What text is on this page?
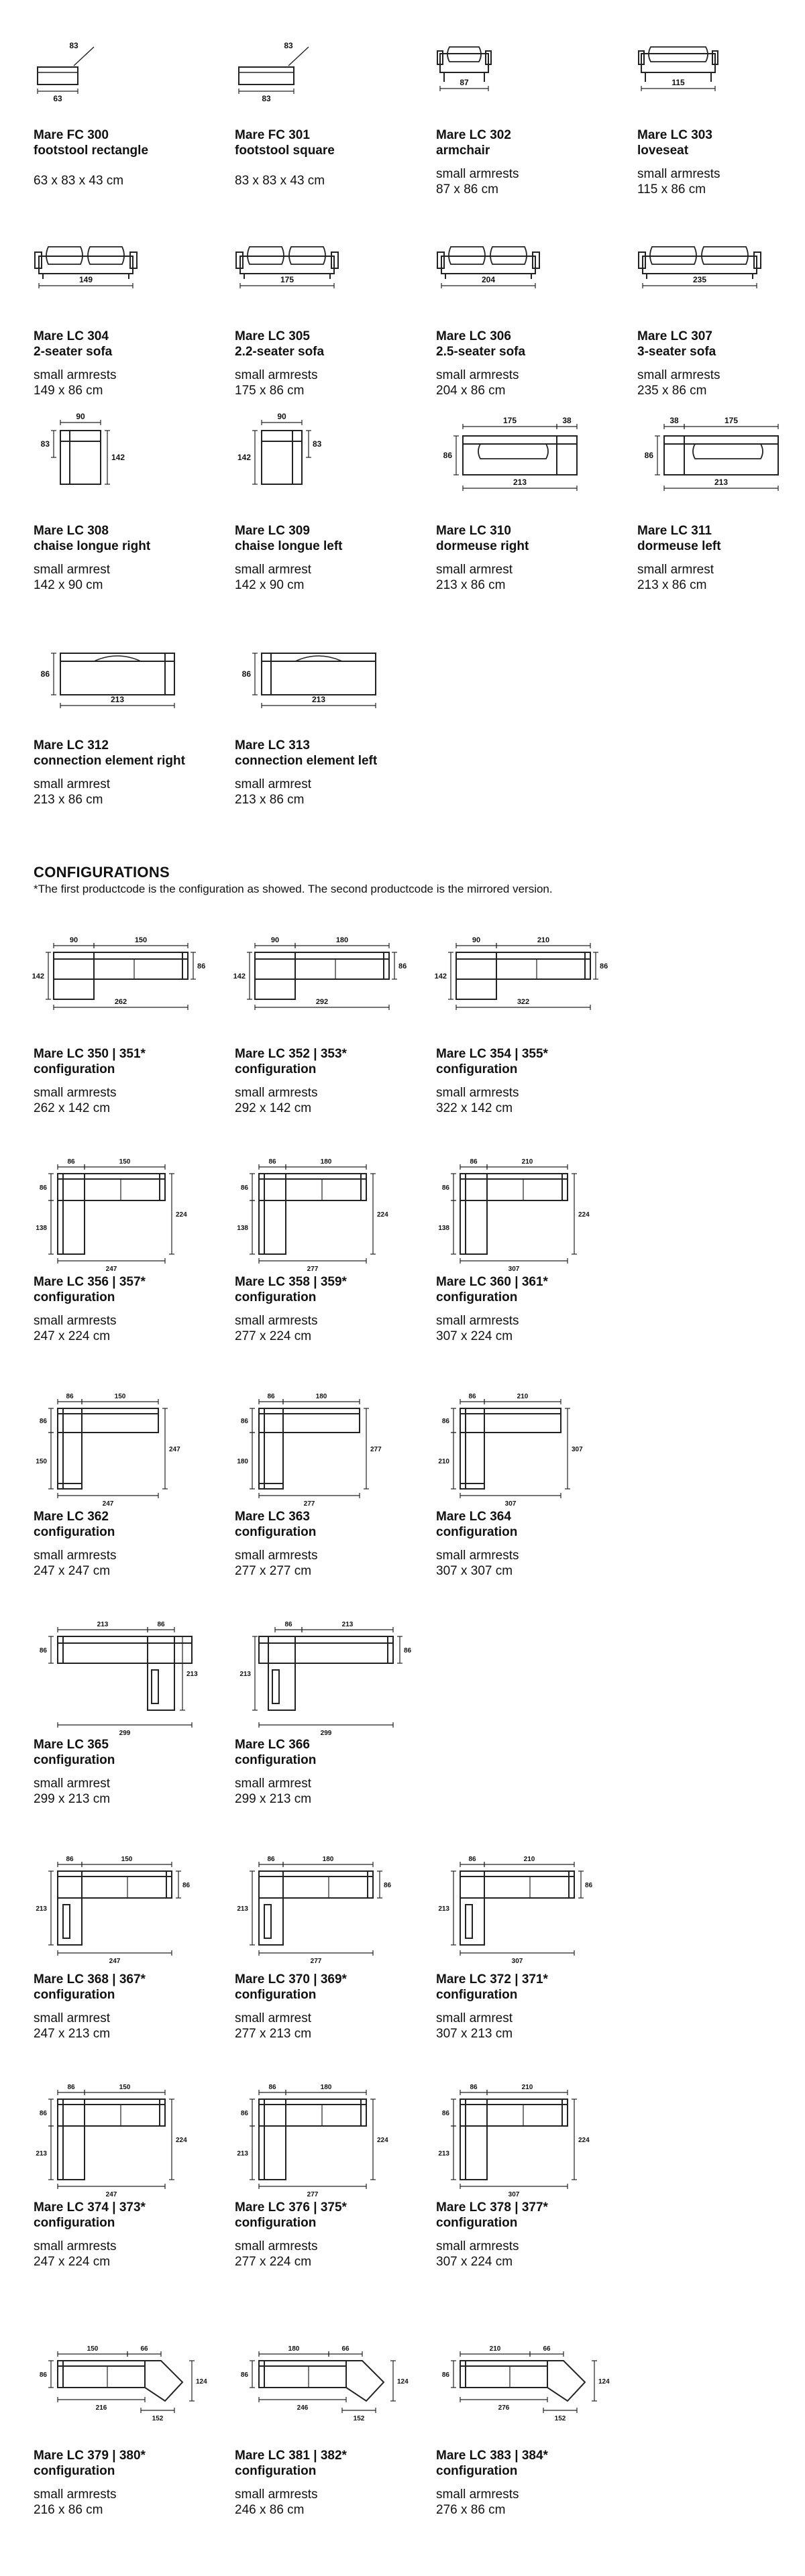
83
63
Mare FC 300
footstool rectangle
63 x 83 x 43 cm
83
83
Mare FC 301
footstool square
83 x 83 x 43 cm
87
Mare LC 302
armchair
small armrests
87 x 86 cm
115
Mare LC 303
loveseat
small armrests
115 x 86 cm
149
Mare LC 304
2-seater sofa
small armrests
149 x 86 cm
175
Mare LC 305
2.2-seater sofa
small armrests
175 x 86 cm
204
Mare LC 306
2.5-seater sofa
small armrests
204 x 86 cm
235
Mare LC 307
3-seater sofa
small armrests
235 x 86 cm
90
83
142
Mare LC 308
chaise longue right
small armrest
142 x 90 cm
90
142
83
Mare LC 309
chaise longue left
small armrest
142 x 90 cm
175	38
86
213
Mare LC 310
dormeuse right
small armrest
213 x 86 cm
38	175
86
213
Mare LC 311
dormeuse left
small armrest
213 x 86 cm
86
213
Mare LC 312
connection element right
small armrest
213 x 86 cm
86
213
Mare LC 313
connection element left
small armrest
213 x 86 cm
CONFIGURATIONS
*The first productcode is the configuration as showed. The second productcode is the mirrored version.
90	150
142
86
262
Mare LC 350 | 351*
configuration
small armrests
262 x 142 cm
90	180
142
86
292
Mare LC 352 | 353*
configuration
small armrests
292 x 142 cm
90	210
142
86
322
Mare LC 354 | 355*
configuration
small armrests
322 x 142 cm
86	150
86
138
224
247
Mare LC 356 | 357*
configuration
small armrests
247 x 224 cm
86	180
86
138
224
277
Mare LC 358 | 359*
configuration
small armrests
277 x 224 cm
86	210
86
138
224
307
Mare LC 360 | 361*
configuration
small armrests
307 x 224 cm
86	150
86
150
247
247
Mare LC 362
configuration
small armrests
247 x 247 cm
86	180
86
180
277
277
Mare LC 363
configuration
small armrests
277 x 277 cm
86	210
86
210
307
307
Mare LC 364
configuration
small armrests
307 x 307 cm
213	86
86
213
299
Mare LC 365
configuration
small armrest
299 x 213 cm
86	213
213
86
299
Mare LC 366
configuration
small armrest
299 x 213 cm
86	150
86
213
247
Mare LC 368 | 367*
configuration
small armrest
247 x 213 cm
86	180
86
213
277
Mare LC 370 | 369*
configuration
small armrest
277 x 213 cm
86	210
86
213
307
Mare LC 372 | 371*
configuration
small armrest
307 x 213 cm
86	150
86
213
224
247
Mare LC 374 | 373*
configuration
small armrests
247 x 224 cm
86	180
86
213
224
277
Mare LC 376 | 375*
configuration
small armrests
277 x 224 cm
86	210
86
213
224
307
Mare LC 378 | 377*
configuration
small armrests
307 x 224 cm
150	66
86
124
216
152
Mare LC 379 | 380*
configuration
small armrests
216 x 86 cm
180	66
86
124
246
152
Mare LC 381 | 382*
configuration
small armrests
246 x 86 cm
210	66
86
124
276
152
Mare LC 383 | 384*
configuration
small armrests
276 x 86 cm
